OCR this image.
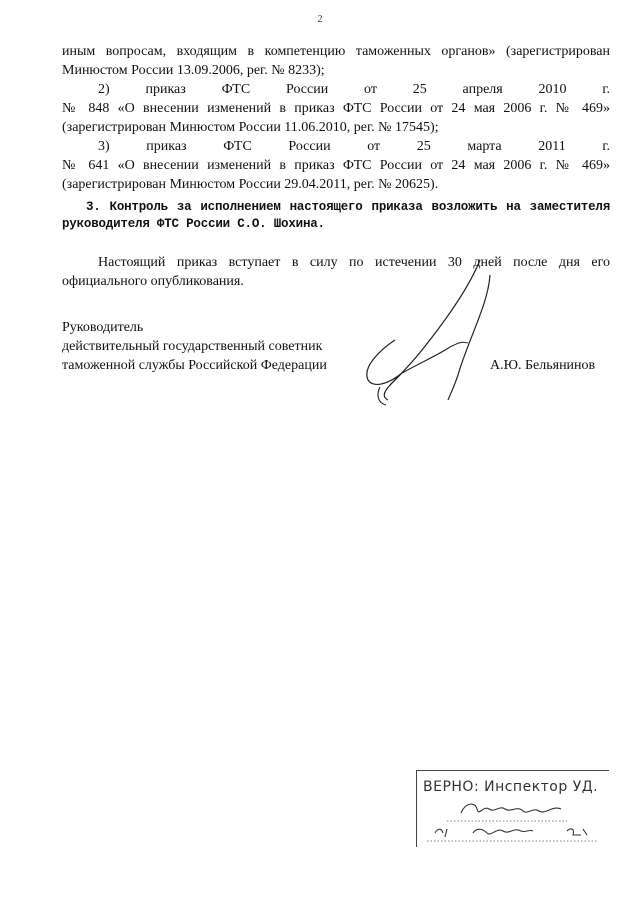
2

иным вопросам, входящим в компетенцию таможенных органов» (зарегистрирован Минюстом России 13.09.2006, рег. № 8233);

2)  приказ  ФТС  России  от  25  апреля  2010  г.

№ 848 «О внесении изменений в приказ ФТС России от 24 мая 2006 г. № 469» (зарегистрирован Минюстом России 11.06.2010, рег. № 17545);

3)  приказ  ФТС  России  от  25  марта  2011  г.

№ 641 «О внесении изменений в приказ ФТС России от 24 мая 2006 г. № 469» (зарегистрирован Минюстом России 29.04.2011, рег. № 20625).

3. Контроль за исполнением настоящего приказа возложить на заместителя руководителя ФТС России С.О. Шохина.

Настоящий приказ вступает в силу по истечении 30 дней после дня его официального опубликования.

Руководитель
действительный государственный советник
таможенной службы Российской Федерации	А.Ю. Бельянинов
ВЕРНО: Инспектор УД.
